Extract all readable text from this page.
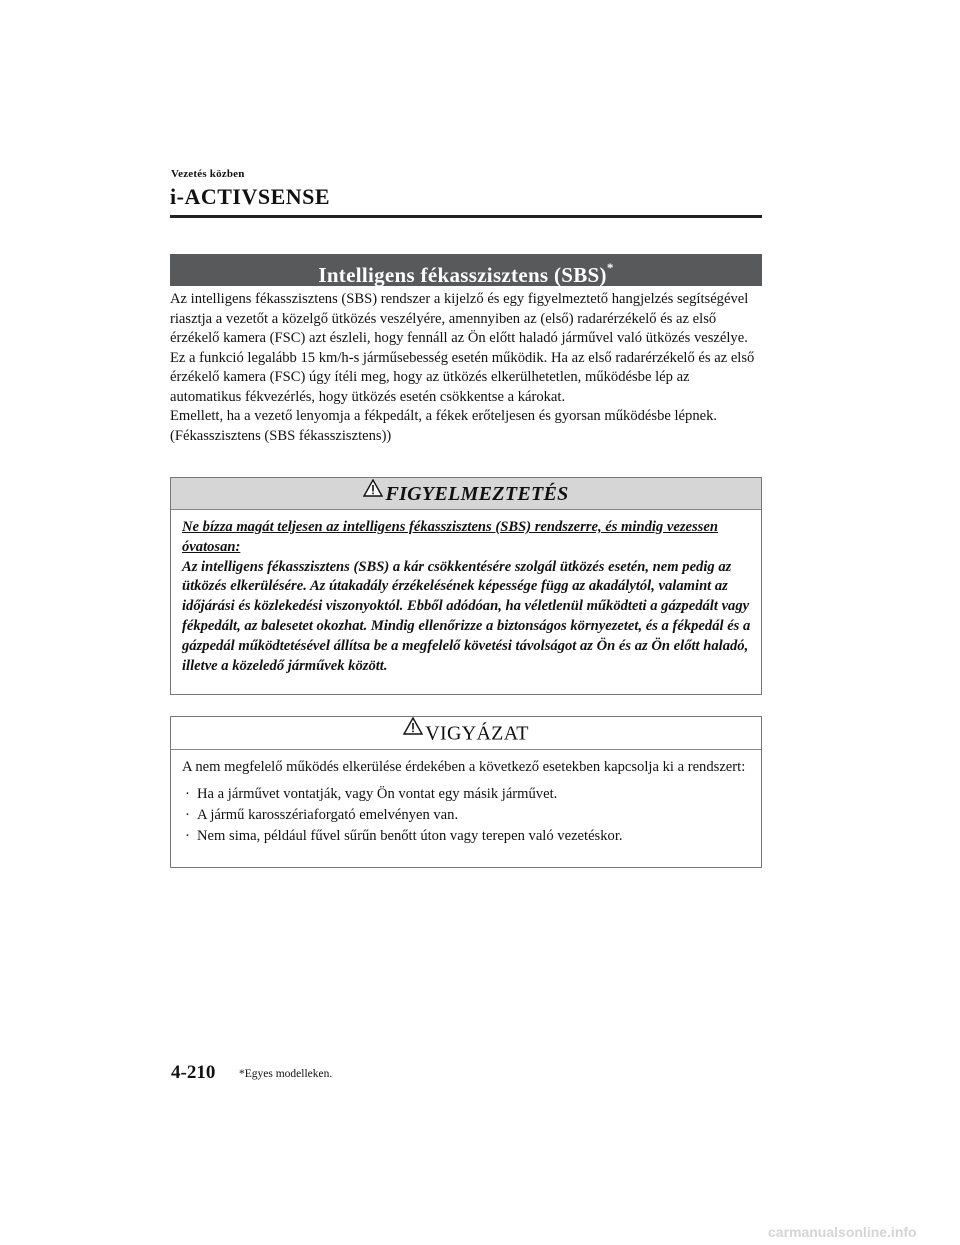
Vezetés közben
i-ACTIVSENSE
Intelligens fékasszisztens (SBS)*

Az intelligens fékasszisztens (SBS) rendszer a kijelző és egy figyelmeztető hangjelzés segítségével riasztja a vezetőt a közelgő ütközés veszélyére, amennyiben az (első) radarérzékelő és az első érzékelő kamera (FSC) azt észleli, hogy fennáll az Ön előtt haladó járművel való ütközés veszélye. Ez a funkció legalább 15 km/h-s járműsebesség esetén működik. Ha az első radarérzékelő és az első érzékelő kamera (FSC) úgy ítéli meg, hogy az ütközés elkerülhetetlen, működésbe lép az automatikus fékvezérlés, hogy ütközés esetén csökkentse a károkat.

Emellett, ha a vezető lenyomja a fékpedált, a fékek erőteljesen és gyorsan működésbe lépnek. (Fékasszisztens (SBS fékasszisztens))

FIGYELMEZTETÉS

Ne bízza magát teljesen az intelligens fékasszisztens (SBS) rendszerre, és mindig vezessen óvatosan:

Az intelligens fékasszisztens (SBS) a kár csökkentésére szolgál ütközés esetén, nem pedig az ütközés elkerülésére. Az útakadály érzékelésének képessége függ az akadálytól, valamint az időjárási és közlekedési viszonyoktól. Ebből adódóan, ha véletlenül működteti a gázpedált vagy fékpedált, az balesetet okozhat. Mindig ellenőrizze a biztonságos környezetet, és a fékpedál és a gázpedál működtetésével állítsa be a megfelelő követési távolságot az Ön és az Ön előtt haladó, illetve a közeledő járművek között.

VIGYÁZAT

A nem megfelelő működés elkerülése érdekében a következő esetekben kapcsolja ki a rendszert:

· Ha a járművet vontatják, vagy Ön vontat egy másik járművet.
· A jármű karosszériaforgató emelvényen van.
· Nem sima, például fűvel sűrűn benőtt úton vagy terepen való vezetéskor.
4-210 *Egyes modelleken.
carmanualsonline.info
